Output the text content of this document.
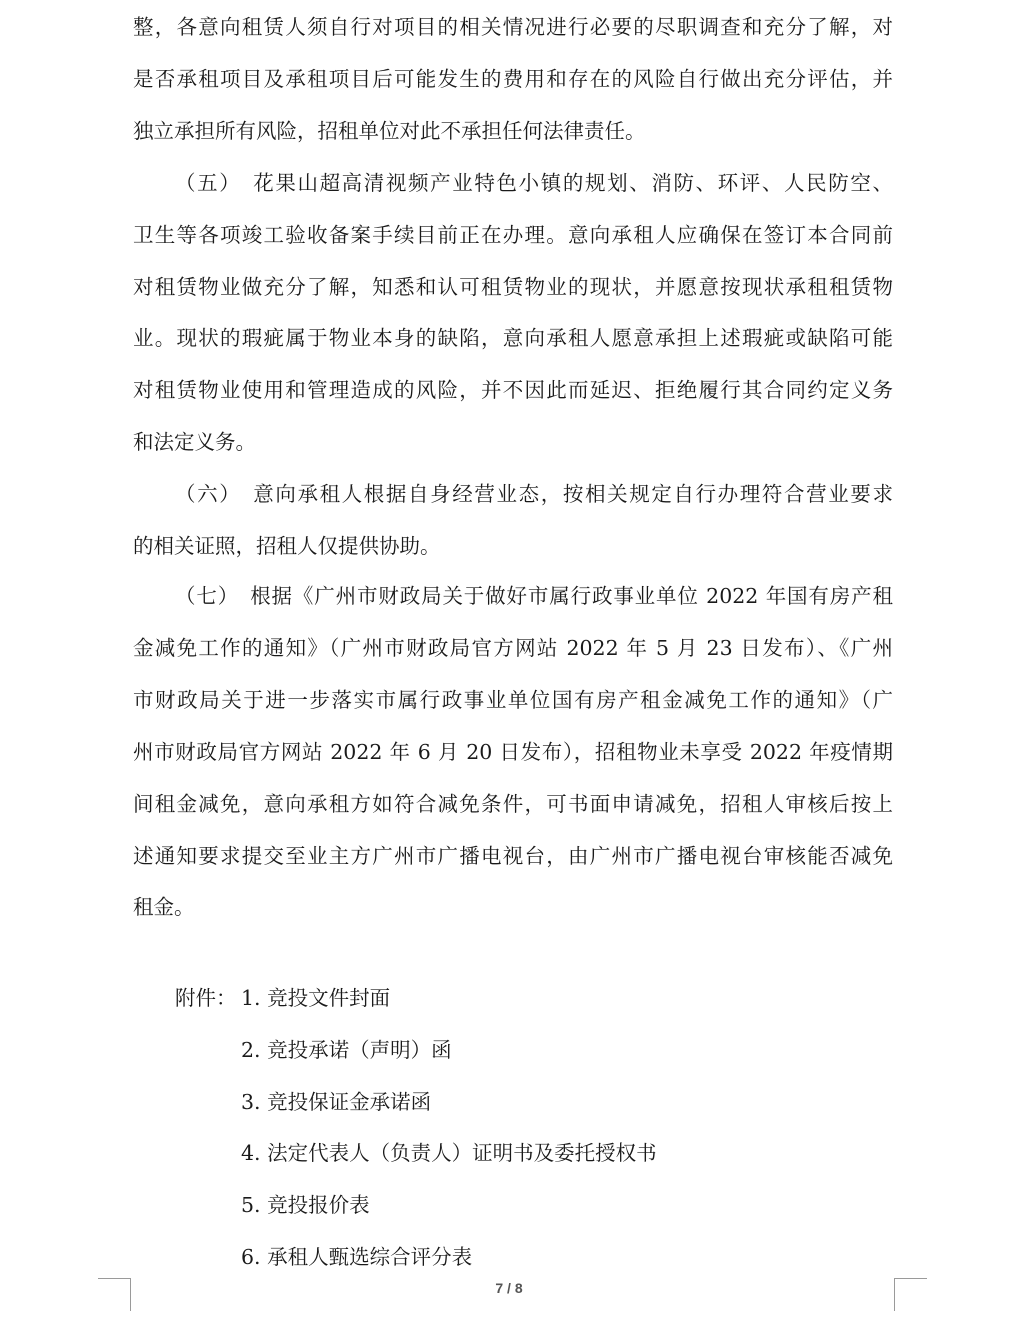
整，各意向租赁人须自行对项目的相关情况进行必要的尽职调查和充分了解，对
是否承租项目及承租项目后可能发生的费用和存在的风险自行做出充分评估，并
独立承担所有风险，招租单位对此不承担任何法律责任。
（五）　花果山超高清视频产业特色小镇的规划、消防、环评、人民防空、
卫生等各项竣工验收备案手续目前正在办理。意向承租人应确保在签订本合同前
对租赁物业做充分了解，知悉和认可租赁物业的现状，并愿意按现状承租租赁物
业。现状的瑕疵属于物业本身的缺陷，意向承租人愿意承担上述瑕疵或缺陷可能
对租赁物业使用和管理造成的风险，并不因此而延迟、拒绝履行其合同约定义务
和法定义务。
（六）　意向承租人根据自身经营业态，按相关规定自行办理符合营业要求
的相关证照，招租人仅提供协助。
（七）　根据《广州市财政局关于做好市属行政事业单位 2022 年国有房产租
金减免工作的通知》（广州市财政局官方网站 2022 年 5 月 23 日发布）、《广州
市财政局关于进一步落实市属行政事业单位国有房产租金减免工作的通知》（广
州市财政局官方网站 2022 年 6 月 20 日发布），招租物业未享受 2022 年疫情期
间租金减免，意向承租方如符合减免条件，可书面申请减免，招租人审核后按上
述通知要求提交至业主方广州市广播电视台，由广州市广播电视台审核能否减免
租金。
附件： 1. 竞投文件封面
2. 竞投承诺（声明）函
3. 竞投保证金承诺函
4. 法定代表人（负责人）证明书及委托授权书
5. 竞投报价表
6. 承租人甄选综合评分表
7 / 8
